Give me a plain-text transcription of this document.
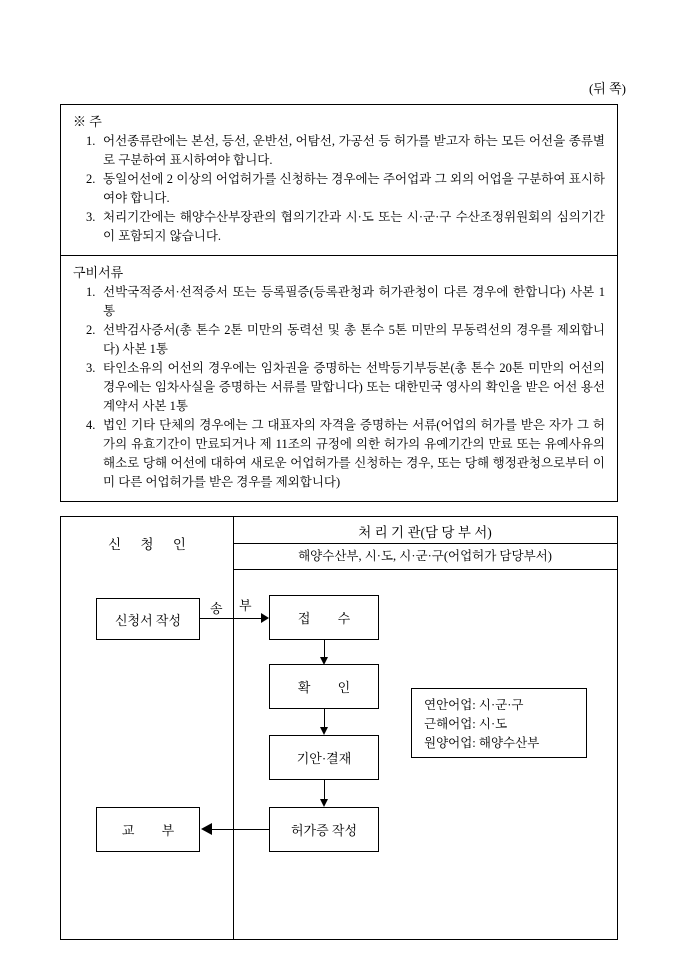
(뒤 쪽)
※ 주
1. 어선종류란에는 본선, 등선, 운반선, 어탐선, 가공선 등 허가를 받고자 하는 모든 어선을 종류별로 구분하여 표시하여야 합니다.
2. 동일어선에 2 이상의 어업허가를 신청하는 경우에는 주어업과 그 외의 어업을 구분하여 표시하여야 합니다.
3. 처리기간에는 해양수산부장관의 협의기간과 시·도 또는 시·군·구 수산조정위원회의 심의기간이 포함되지 않습니다.
구비서류
1. 선박국적증서·선적증서 또는 등록필증(등록관청과 허가관청이 다른 경우에 한합니다) 사본 1통
2. 선박검사증서(총 톤수 2톤 미만의 동력선 및 총 톤수 5톤 미만의 무동력선의 경우를 제외합니다) 사본 1통
3. 타인소유의 어선의 경우에는 임차권을 증명하는 선박등기부등본(총 톤수 20톤 미만의 어선의 경우에는 임차사실을 증명하는 서류를 말합니다) 또는 대한민국 영사의 확인을 받은 어선 용선계약서 사본 1통
4. 법인 기타 단체의 경우에는 그 대표자의 자격을 증명하는 서류(어업의 허가를 받은 자가 그 허가의 유효기간이 만료되거나 제 11조의 규정에 의한 허가의 유예기간의 만료 또는 유예사유의 해소로 당해 어선에 대하여 새로운 어업허가를 신청하는 경우, 또는 당해 행정관청으로부터 이미 다른 어업허가를 받은 경우를 제외합니다)
신 청 인
처 리 기 관(담 당 부 서)
해양수산부, 시·도, 시·군·구(어업허가 담당부서)
신청서 작성
송 부
접 수
확 인
기안·결재
허가증 작성
교 부
연안어업: 시·군·구
근해어업: 시·도
원양어업: 해양수산부
